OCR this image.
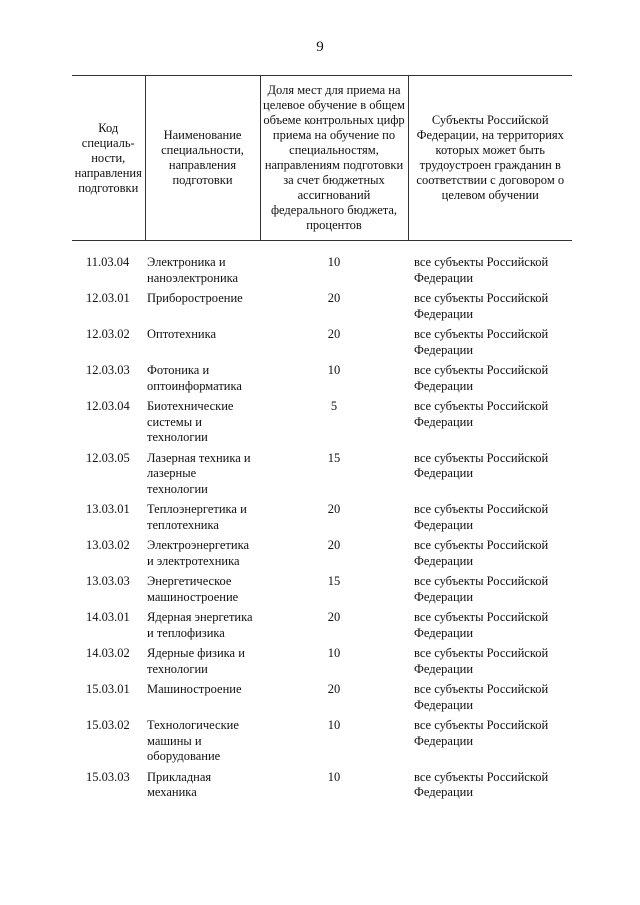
9
Код специаль-ности, направления подготовки	Наименование специальности, направления подготовки	Доля мест для приема на целевое обучение в общем объеме контрольных цифр приема на обучение по специальностям, направлениям подготовки за счет бюджетных ассигнований федерального бюджета, процентов	Субъекты Российской Федерации, на территориях которых может быть трудоустроен гражданин в соответствии с договором о целевом обучении

11.03.04	Электроника и наноэлектроника	10	все субъекты Российской Федерации
12.03.01	Приборостроение	20	все субъекты Российской Федерации
12.03.02	Оптотехника	20	все субъекты Российской Федерации
12.03.03	Фотоника и оптоинформатика	10	все субъекты Российской Федерации
12.03.04	Биотехнические системы и технологии	5	все субъекты Российской Федерации
12.03.05	Лазерная техника и лазерные технологии	15	все субъекты Российской Федерации
13.03.01	Теплоэнергетика и теплотехника	20	все субъекты Российской Федерации
13.03.02	Электроэнергетика и электротехника	20	все субъекты Российской Федерации
13.03.03	Энергетическое машиностроение	15	все субъекты Российской Федерации
14.03.01	Ядерная энергетика и теплофизика	20	все субъекты Российской Федерации
14.03.02	Ядерные физика и технологии	10	все субъекты Российской Федерации
15.03.01	Машиностроение	20	все субъекты Российской Федерации
15.03.02	Технологические машины и оборудование	10	все субъекты Российской Федерации
15.03.03	Прикладная механика	10	все субъекты Российской Федерации
